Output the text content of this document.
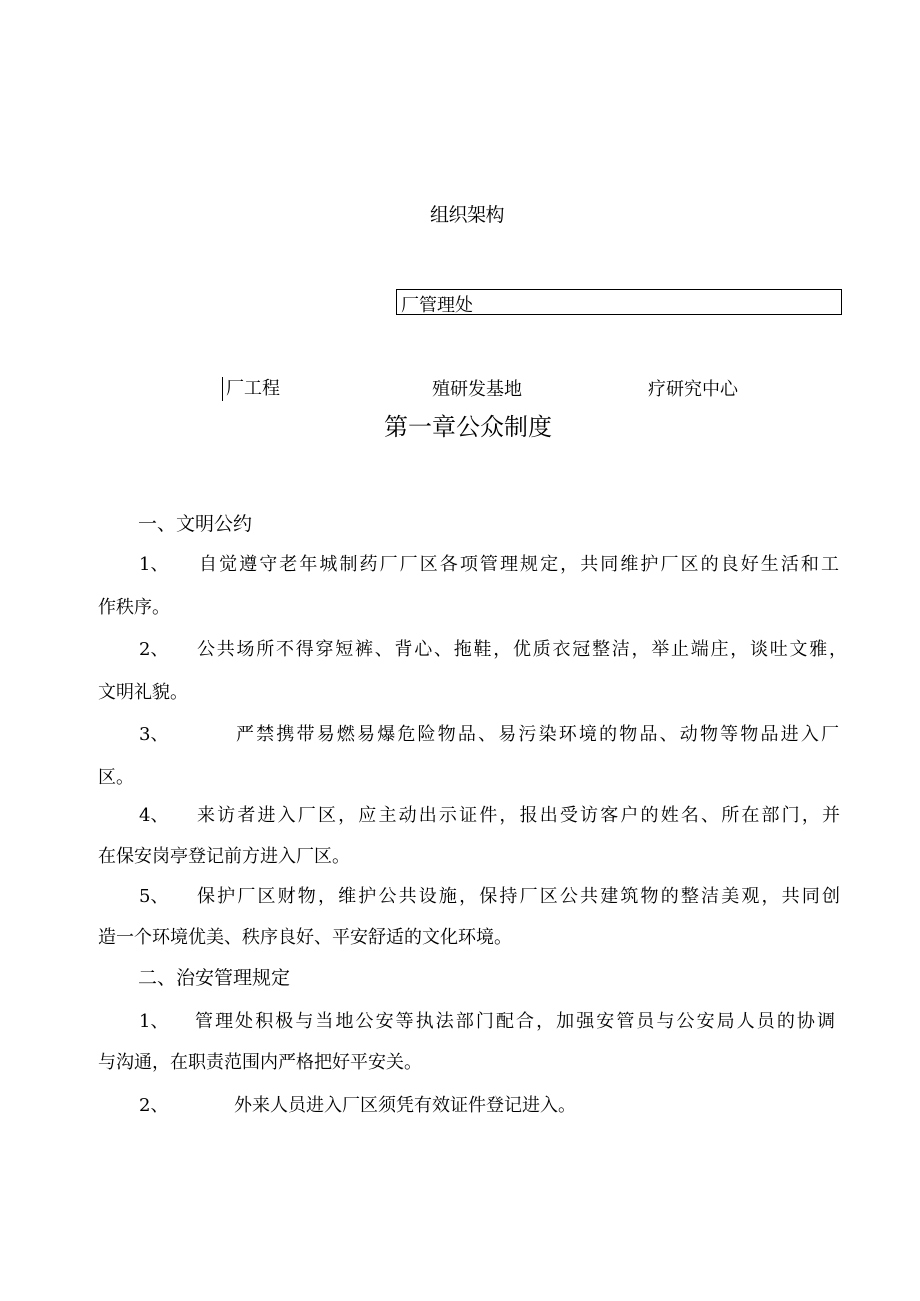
组织架构
厂管理处
厂工程	殖研发基地	疗研究中心
第一章公众制度
一、文明公约
1、 自觉遵守老年城制药厂厂区各项管理规定，共同维护厂区的良好生活和工
作秩序。
2、 公共场所不得穿短裤、背心、拖鞋，优质衣冠整洁，举止端庄，谈吐文雅，
文明礼貌。
3、	严禁携带易燃易爆危险物品、易污染环境的物品、动物等物品进入厂
区。
4、 来访者进入厂区，应主动出示证件，报出受访客户的姓名、所在部门，并
在保安岗亭登记前方进入厂区。
5、 保护厂区财物，维护公共设施，保持厂区公共建筑物的整洁美观，共同创
造一个环境优美、秩序良好、平安舒适的文化环境。
二、治安管理规定
1、 管理处积极与当地公安等执法部门配合，加强安管员与公安局人员的协调
与沟通，在职责范围内严格把好平安关。
2、	外来人员进入厂区须凭有效证件登记进入。
